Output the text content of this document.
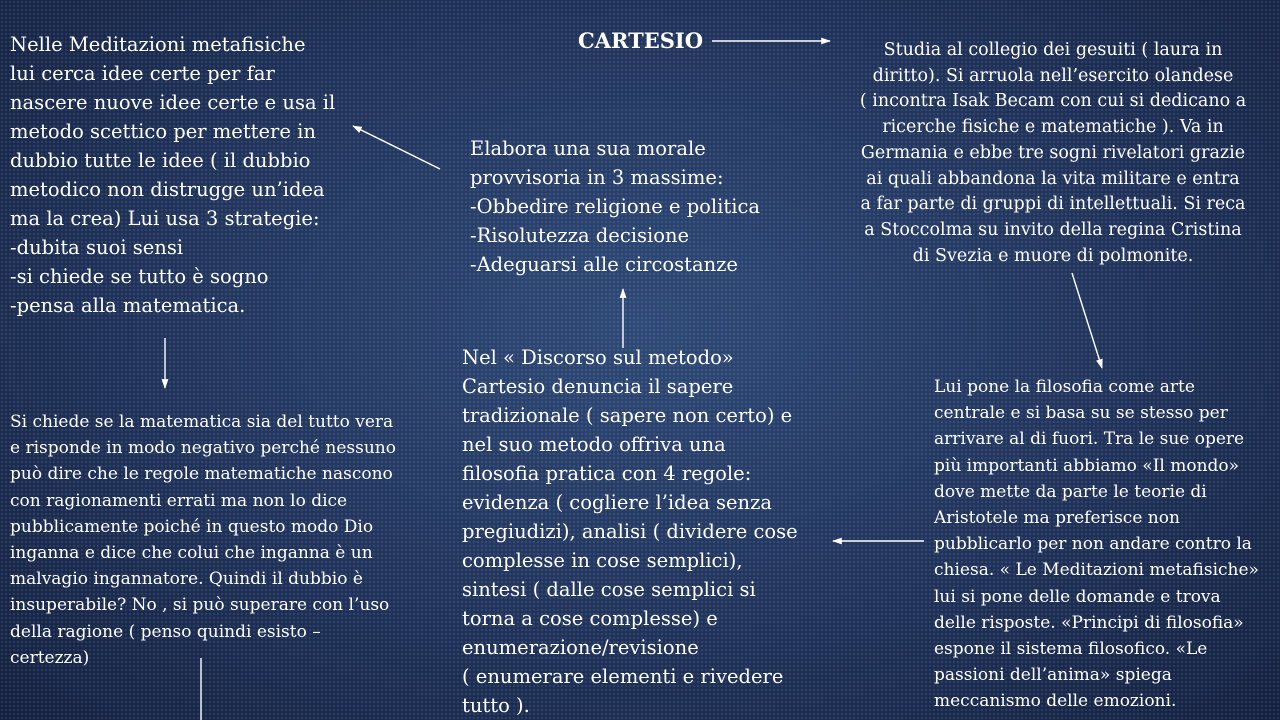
CARTESIO
Nelle Meditazioni metafisiche
lui cerca idee certe per far
nascere nuove idee certe e usa il
metodo scettico per mettere in
dubbio tutte le idee ( il dubbio
metodico non distrugge un’idea
ma la crea) Lui usa 3 strategie:
-dubita suoi sensi
-si chiede se tutto è sogno
-pensa alla matematica.
Elabora una sua morale
provvisoria in 3 massime:
-Obbedire religione e politica
-Risolutezza decisione
-Adeguarsi alle circostanze
Studia al collegio dei gesuiti ( laura in
diritto). Si arruola nell’esercito olandese
( incontra Isak Becam con cui si dedicano a
ricerche fisiche e matematiche ). Va in
Germania e ebbe tre sogni rivelatori grazie
ai quali abbandona la vita militare e entra
a far parte di gruppi di intellettuali. Si reca
a Stoccolma su invito della regina Cristina
di Svezia e muore di polmonite.
Si chiede se la matematica sia del tutto vera
e risponde in modo negativo perché nessuno
può dire che le regole matematiche nascono
con ragionamenti errati ma non lo dice
pubblicamente poiché in questo modo Dio
inganna e dice che colui che inganna è un
malvagio ingannatore. Quindi il dubbio è
insuperabile? No , si può superare con l’uso
della ragione ( penso quindi esisto –
certezza)
Nel « Discorso sul metodo»
Cartesio denuncia il sapere
tradizionale ( sapere non certo) e
nel suo metodo offriva una
filosofia pratica con 4 regole:
evidenza ( cogliere l’idea senza
pregiudizi), analisi ( dividere cose
complesse in cose semplici),
sintesi ( dalle cose semplici si
torna a cose complesse) e
enumerazione/revisione
( enumerare elementi e rivedere
tutto ).
Lui pone la filosofia come arte
centrale e si basa su se stesso per
arrivare al di fuori. Tra le sue opere
più importanti abbiamo «Il mondo»
dove mette da parte le teorie di
Aristotele ma preferisce non
pubblicarlo per non andare contro la
chiesa. « Le Meditazioni metafisiche»
lui si pone delle domande e trova
delle risposte. «Principi di filosofia»
espone il sistema filosofico. «Le
passioni dell’anima» spiega
meccanismo delle emozioni.
